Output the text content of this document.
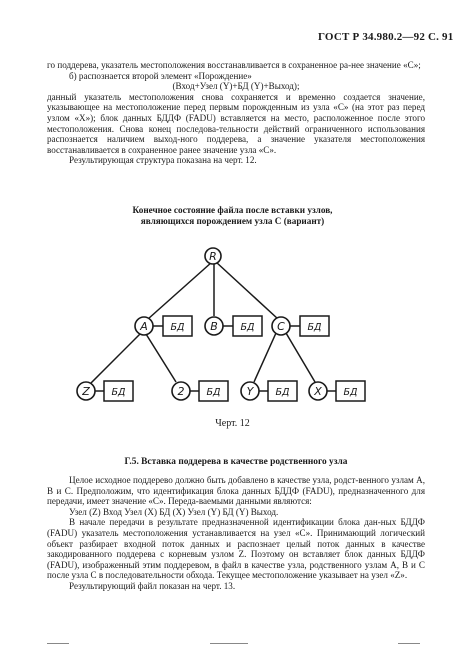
ГОСТ Р 34.980.2—92 С. 91

го поддерева, указатель местоположения восстанавливается в сохраненное ра-нее значение «С»;

б) распознается второй элемент «Порождение»

(Вход+Узел (Y)+БД (Y)+Выход);

данный указатель местоположения снова сохраняется и временно создается значение, указывающее на местоположение перед первым порожденным из узла «С» (на этот раз перед узлом «Х»); блок данных БДДФ (FADU) вставляется на место, расположенное после этого местоположения. Снова конец последова-тельности действий ограниченного использования распознается наличием выход-ного поддерева, а значение указателя местоположения восстанавливается в сохраненное ранее значение узла «С».

Результирующая структура показана на черт. 12.

Конечное состояние файла после вставки узлов,
являющихся порождением узла С (вариант)
R
A БД B БД C БД
Z БД	2 БД Y БД X БД
Черт. 12
Г.5. Вставка поддерева в качестве родственного узла

Целое исходное поддерево должно быть добавлено в качестве узла, родст-венного узлам А, В и С. Предположим, что идентификация блока данных БДДФ (FADU), предназначенного для передачи, имеет значение «С». Переда-ваемыми данными являются:

Узел (Z) Вход Узел (X) БД (X) Узел (Y) БД (Y) Выход.

В начале передачи в результате предназначенной идентификации блока дан-ных БДДФ (FADU) указатель местоположения устанавливается на узел «С». Принимающий логический объект разбирает входной поток данных и распознает целый поток данных в качестве закодированного поддерева с корневым узлом Z. Поэтому он вставляет блок данных БДДФ (FADU), изображенный этим поддеревом, в файл в качестве узла, родственного узлам А, В и С после узла С в последовательности обхода. Текущее местоположение указывает на узел «Z».

Результирующий файл показан на черт. 13.
